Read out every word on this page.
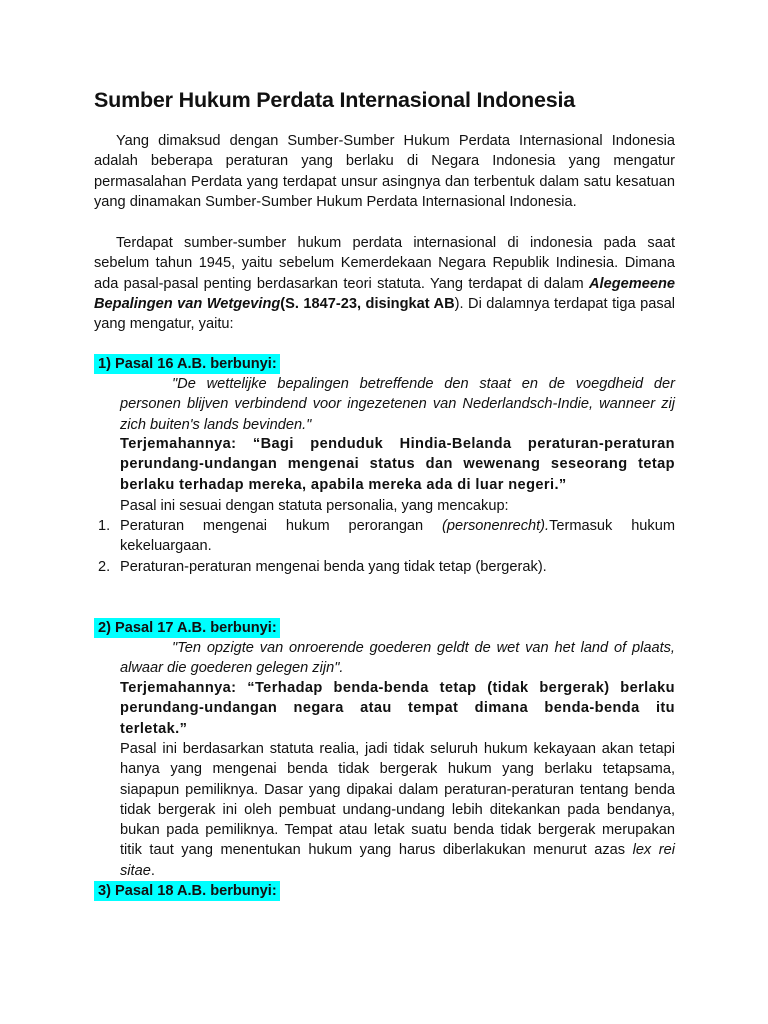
Sumber Hukum Perdata Internasional Indonesia

Yang dimaksud dengan Sumber-Sumber Hukum Perdata Internasional Indonesia adalah beberapa peraturan yang berlaku di Negara Indonesia yang mengatur permasalahan Perdata yang terdapat unsur asingnya dan terbentuk dalam satu kesatuan yang dinamakan Sumber-Sumber Hukum Perdata Internasional Indonesia.

Terdapat sumber-sumber hukum perdata internasional di indonesia pada saat sebelum tahun 1945, yaitu sebelum Kemerdekaan Negara Republik Indinesia. Dimana ada pasal-pasal penting berdasarkan teori statuta. Yang terdapat di dalam Alegemeene Bepalingen van Wetgeving(S. 1847-23, disingkat AB). Di dalamnya terdapat tiga pasal yang mengatur, yaitu:

1) Pasal 16 A.B. berbunyi:

"De wettelijke bepalingen betreffende den staat en de voegdheid der personen blijven verbindend voor ingezetenen van Nederlandsch-Indie, wanneer zij zich buiten's lands bevinden."

Terjemahannya: “Bagi penduduk Hindia-Belanda peraturan-peraturan perundang-undangan mengenai status dan wewenang seseorang tetap berlaku terhadap mereka, apabila mereka ada di luar negeri.”

Pasal ini sesuai dengan statuta personalia, yang mencakup:

1. Peraturan mengenai hukum perorangan (personenrecht).Termasuk hukum kekeluargaan.
2. Peraturan-peraturan mengenai benda yang tidak tetap (bergerak).
2) Pasal 17 A.B. berbunyi:

"Ten opzigte van onroerende goederen geldt de wet van het land of plaats, alwaar die goederen gelegen zijn".

Terjemahannya: “Terhadap benda-benda tetap (tidak bergerak) berlaku perundang-undangan negara atau tempat dimana benda-benda itu terletak.”

Pasal ini berdasarkan statuta realia, jadi tidak seluruh hukum kekayaan akan tetapi hanya yang mengenai benda tidak bergerak hukum yang berlaku tetapsama, siapapun pemiliknya. Dasar yang dipakai dalam peraturan-peraturan tentang benda tidak bergerak ini oleh pembuat undang-undang lebih ditekankan pada bendanya, bukan pada pemiliknya. Tempat atau letak suatu benda tidak bergerak merupakan titik taut yang menentukan hukum yang harus diberlakukan menurut azas lex rei sitae.

3) Pasal 18 A.B. berbunyi:
